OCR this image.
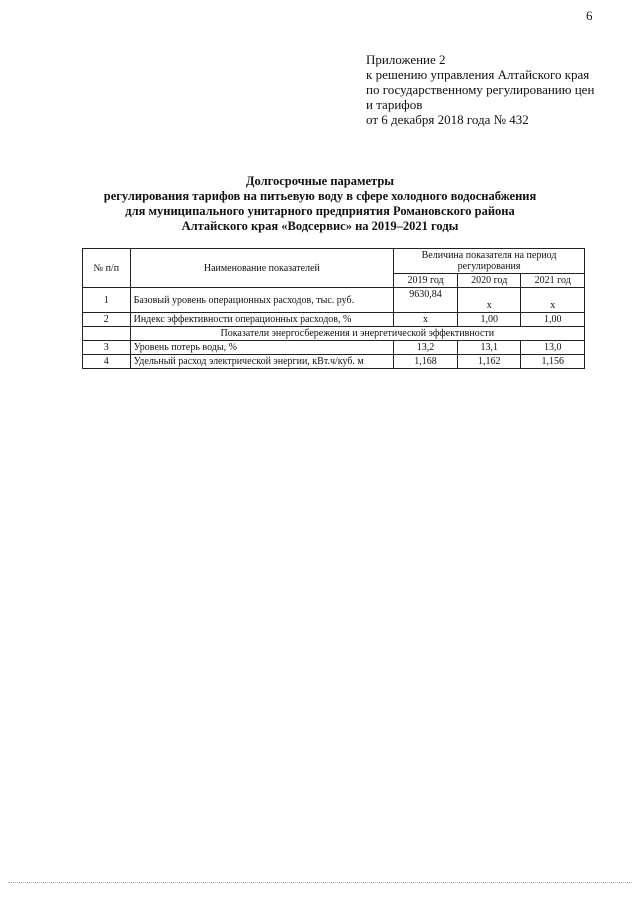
6
Приложение 2
к решению управления Алтайского края
по государственному регулированию цен
и тарифов
от 6 декабря 2018 года № 432
Долгосрочные параметры
регулирования тарифов на питьевую воду в сфере холодного водоснабжения
для муниципального унитарного предприятия Романовского района
Алтайского края «Водсервис» на 2019–2021 годы
№ п/п	Наименование показателей	Величина показателя на период регулирования		
		2019 год	2020 год	2021 год
1	Базовый уровень операционных расходов, тыс. руб.	9630,84	х	х
2	Индекс эффективности операционных расходов, %	х	1,00	1,00
	Показатели энергосбережения и энергетической эффективности			
3	Уровень потерь воды, %	13,2	13,1	13,0
4	Удельный расход электрической энергии, кВт.ч/куб. м	1,168	1,162	1,156
